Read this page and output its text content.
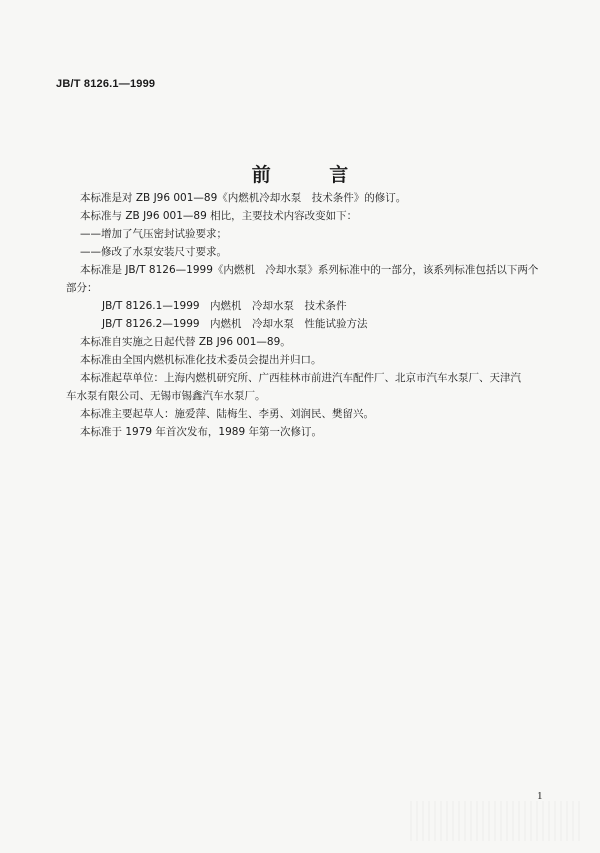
JB/T 8126.1—1999
前 言
本标准是对 ZB J96 001—89《内燃机冷却水泵　技术条件》的修订。
本标准与 ZB J96 001—89 相比，主要技术内容改变如下：
——增加了气压密封试验要求；
——修改了水泵安装尺寸要求。
本标准是 JB/T 8126—1999《内燃机　冷却水泵》系列标准中的一部分，该系列标准包括以下两个
部分：
JB/T 8126.1—1999　内燃机　冷却水泵　技术条件
JB/T 8126.2—1999　内燃机　冷却水泵　性能试验方法
本标准自实施之日起代替 ZB J96 001—89。
本标准由全国内燃机标准化技术委员会提出并归口。
本标准起草单位：上海内燃机研究所、广西桂林市前进汽车配件厂、北京市汽车水泵厂、天津汽
车水泵有限公司、无锡市锡鑫汽车水泵厂。
本标准主要起草人：施爱萍、陆梅生、李勇、刘润民、樊留兴。
本标准于 1979 年首次发布，1989 年第一次修订。
1
